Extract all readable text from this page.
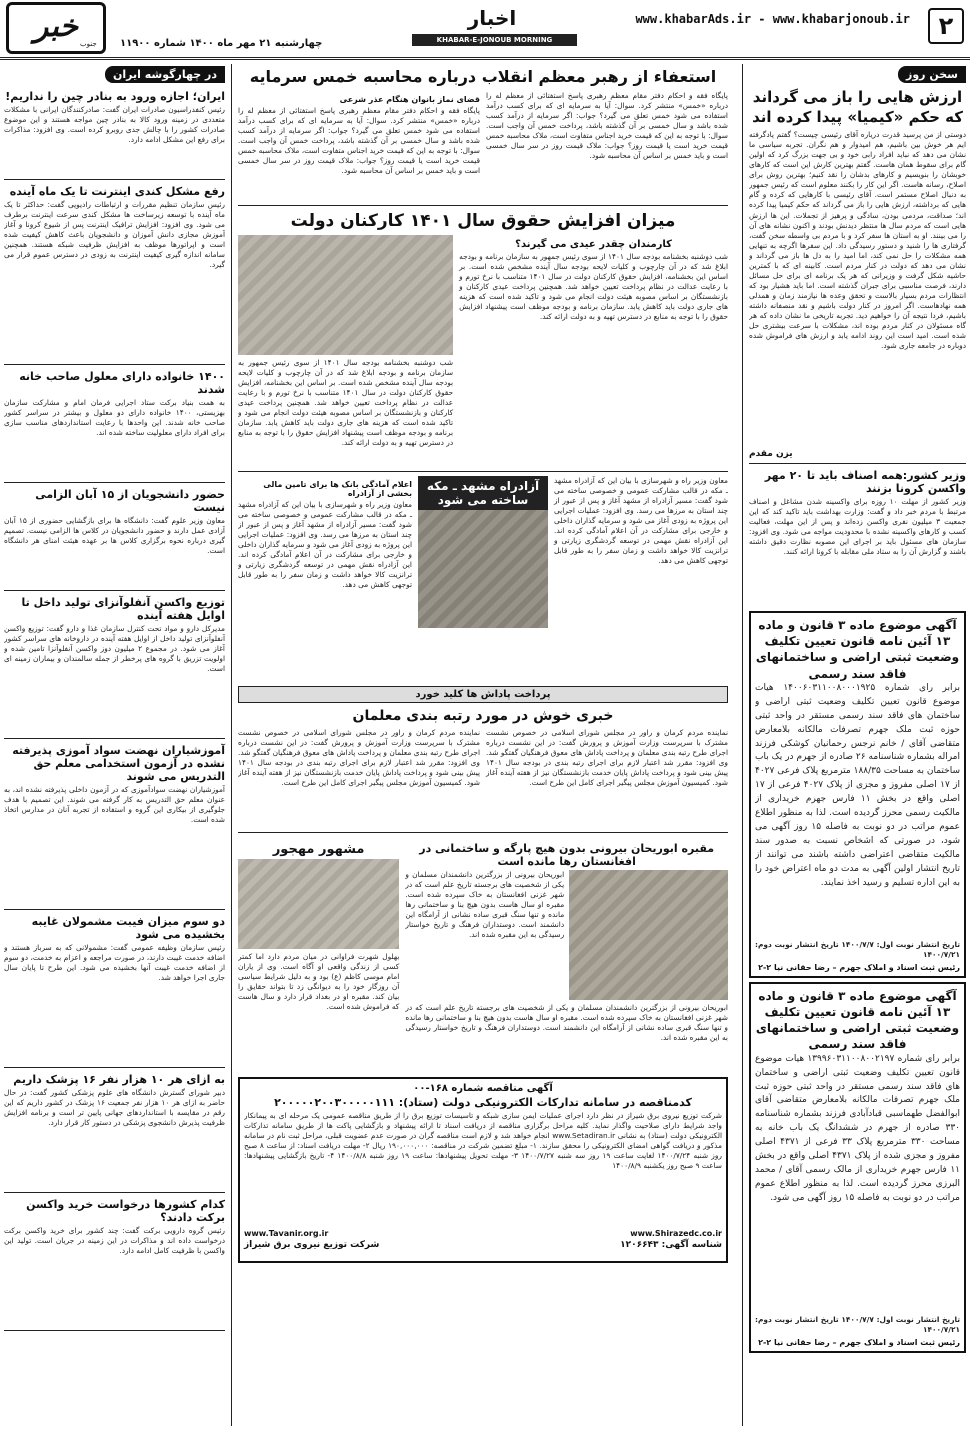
۲
www.khabarAds.ir - www.khabarjonoub.ir
اخبار
KHABAR-E-JONOUB MORNING NEWSPAPER
چهارشنبه ۲۱ مهر ماه ۱۴۰۰ شماره ۱۱۹۰۰
خبر جنوب
سخن روز
ارزش هایی را باز می گرداند که حکم «کیمیا» پیدا کرده اند
دوستی از من پرسید قدرت دریاره آقای رئیسی چیست؟ گفتم یادگرفته ایم هر خوش بین باشیم، هم امیدوار و هم نگران. تجربه سیاسی ما نشان می دهد که نباید افراد رابی خود و بی جهت بزرگ کرد که اولین گام برای سقوط همان هاست. گفتم بهترین کارش این است که کارهای خوبشان را بنویسیم و کارهای بدشان را نقد کنیم؛ بهترین روش برای اصلاح، رسانه هاست. اگر این کار را بکنند معلوم است که رئیس جمهور به دنبال اصلاح مستمر است. آقای رئیسی با کارهایی که کرده و گام هایی که برداشته، ارزش هایی را باز می گرداند که حکم کیمیا پیدا کرده اند؛ صداقت، مردمی بودن، سادگی و پرهیز از تجملات. این ها ارزش هایی است که مردم سال ها منتظر دیدنش بودند و اکنون نشانه های آن را می بینند. او به استان ها سفر کرد و با مردم بی واسطه سخن گفت، گرفتاری ها را شنید و دستور رسیدگی داد. این سفرها اگرچه به تنهایی همه مشکلات را حل نمی کند، اما امید را به دل ها باز می گرداند و نشان می دهد که دولت در کنار مردم است. کابینه ای که با کمترین حاشیه شکل گرفت و وزیرانی که هر یک برنامه ای برای حل مسائل دارند، فرصت مناسبی برای جبران گذشته است. اما باید هشیار بود که انتظارات مردم بسیار بالاست و تحقق وعده ها نیازمند زمان و همدلی همه نهادهاست. اگر امروز در کنار دولت باشیم و نقد منصفانه داشته باشیم، فردا نتیجه آن را خواهیم دید. تجربه تاریخی ما نشان داده که هر گاه مسئولان در کنار مردم بوده اند، مشکلات با سرعت بیشتری حل شده است. امید است این روند ادامه یابد و ارزش های فراموش شده دوباره در جامعه جاری شود.
یزن مقدم
وزیر کشور:همه اصناف باید تا ۲۰ مهر واکسن کرونا بزنند
وزیر کشور از مهلت ۱۰ روزه برای واکسینه شدن مشاغل و اصناف مرتبط با مردم خبر داد و گفت: وزارت بهداشت باید تاکید کند که این جمعیت ۳ میلیون نفری واکسن زده‌اند و پس از این مهلت، فعالیت کسب و کارهای واکسینه نشده با محدودیت مواجه می شود. وی افزود: سازمان های مسئول باید بر اجرای این مصوبه نظارت دقیق داشته باشند و گزارش آن را به ستاد ملی مقابله با کرونا ارائه کنند.
آگهی موضوع ماده ۳ قانون و ماده ۱۳ آئین نامه قانون تعیین تکلیف وضعیت ثبتی اراضی و ساختمانهای فاقد سند رسمی
برابر رای شماره ۱۴۰۰۶۰۳۱۱۰۰۸۰۰۰۱۹۲۵ هیات موضوع قانون تعیین تکلیف وضعیت ثبتی اراضی و ساختمان های فاقد سند رسمی مستقر در واحد ثبتی حوزه ثبت ملک جهرم تصرفات مالکانه بلامعارض متقاضی آقای / خانم نرجس رحمانیان کوشکی فرزند امراله بشماره شناسنامه ۲۶ صادره از جهرم در یک باب ساختمان به مساحت ۱۸۸/۳۵ مترمربع پلاک فرعی ۴۰۲۷ از ۱۷ اصلی مفروز و مجزی از پلاک ۴۰۲۷ فرعی از ۱۷ اصلی واقع در بخش ۱۱ فارس جهرم خریداری از مالکیت رسمی محرز گردیده است. لذا به منظور اطلاع عموم مراتب در دو نوبت به فاصله ۱۵ روز آگهی می شود، در صورتی که اشخاص نسبت به صدور سند مالکیت متقاضی اعتراضی داشته باشند می توانند از تاریخ انتشار اولین آگهی به مدت دو ماه اعتراض خود را به این اداره تسلیم و رسید اخذ نمایند.
تاریخ انتشار نوبت اول: ۱۴۰۰/۷/۷ تاریخ انتشار نوبت دوم: ۱۴۰۰/۷/۲۱
رئیس ثبت اسناد و املاک جهرم – رضا حقانی نیا ۲-۲
آگهی موضوع ماده ۳ قانون و ماده ۱۳ آئین نامه قانون تعیین تکلیف وضعیت ثبتی اراضی و ساختمانهای فاقد سند رسمی
برابر رای شماره ۱۳۹۹۶۰۳۱۱۰۰۸۰۰۲۱۹۷ هیات موضوع قانون تعیین تکلیف وضعیت ثبتی اراضی و ساختمان های فاقد سند رسمی مستقر در واحد ثبتی حوزه ثبت ملک جهرم تصرفات مالکانه بلامعارض متقاضی آقای ابوالفضل طهماسبی قبادآبادی فرزند بشماره شناسنامه ۳۳۰ صادره از جهرم در ششدانگ یک باب خانه به مساحت ۳۳۰ مترمربع پلاک ۳۳ فرعی از ۴۳۷۱ اصلی مفروز و مجزی شده از پلاک ۴۳۷۱ اصلی واقع در بخش ۱۱ فارس جهرم خریداری از مالک رسمی آقای / محمد البرزی محرز گردیده است. لذا به منظور اطلاع عموم مراتب در دو نوبت به فاصله ۱۵ روز آگهی می شود.
تاریخ انتشار نوبت اول: ۱۴۰۰/۷/۷ تاریخ انتشار نوبت دوم: ۱۴۰۰/۷/۲۱
رئیس ثبت اسناد و املاک جهرم – رضا حقانی نیا ۲-۲
استعفاء از رهبر معظم انقلاب درباره محاسبه خمس سرمایه
پایگاه فقه و احکام دفتر مقام معظم رهبری پاسخ استفتائی از معظم له را درباره «خمس» منتشر کرد. سوال: آیا به سرمایه ای که برای کسب درآمد استفاده می شود خمس تعلق می گیرد؟ جواب: اگر سرمایه از درآمد کسب شده باشد و سال خمسی بر آن گذشته باشد، پرداخت خمس آن واجب است. سوال: با توجه به این که قیمت خرید اجناس متفاوت است، ملاک محاسبه خمس قیمت خرید است یا قیمت روز؟ جواب: ملاک قیمت روز در سر سال خمسی است و باید خمس بر اساس آن محاسبه شود.
قضای نماز بانوان هنگام عذر شرعی
پایگاه فقه و احکام دفتر مقام معظم رهبری پاسخ استفتائی از معظم له را درباره «خمس» منتشر کرد. سوال: آیا به سرمایه ای که برای کسب درآمد استفاده می شود خمس تعلق می گیرد؟ جواب: اگر سرمایه از درآمد کسب شده باشد و سال خمسی بر آن گذشته باشد، پرداخت خمس آن واجب است. سوال: با توجه به این که قیمت خرید اجناس متفاوت است، ملاک محاسبه خمس قیمت خرید است یا قیمت روز؟ جواب: ملاک قیمت روز در سر سال خمسی است و باید خمس بر اساس آن محاسبه شود.
میزان افزایش حقوق سال ۱۴۰۱ کارکنان دولت
کارمندان چقدر عیدی می گیرند؟
شب دوشنبه بخشنامه بودجه سال ۱۴۰۱ از سوی رئیس جمهور به سازمان برنامه و بودجه ابلاغ شد که در آن چارچوب و کلیات لایحه بودجه سال آینده مشخص شده است. بر اساس این بخشنامه، افزایش حقوق کارکنان دولت در سال ۱۴۰۱ متناسب با نرخ تورم و با رعایت عدالت در نظام پرداخت تعیین خواهد شد. همچنین پرداخت عیدی کارکنان و بازنشستگان بر اساس مصوبه هیئت دولت انجام می شود و تاکید شده است که هزینه های جاری دولت باید کاهش یابد. سازمان برنامه و بودجه موظف است پیشنهاد افزایش حقوق را با توجه به منابع در دسترس تهیه و به دولت ارائه کند.
شب دوشنبه بخشنامه بودجه سال ۱۴۰۱ از سوی رئیس جمهور به سازمان برنامه و بودجه ابلاغ شد که در آن چارچوب و کلیات لایحه بودجه سال آینده مشخص شده است. بر اساس این بخشنامه، افزایش حقوق کارکنان دولت در سال ۱۴۰۱ متناسب با نرخ تورم و با رعایت عدالت در نظام پرداخت تعیین خواهد شد. همچنین پرداخت عیدی کارکنان و بازنشستگان بر اساس مصوبه هیئت دولت انجام می شود و تاکید شده است که هزینه های جاری دولت باید کاهش یابد. سازمان برنامه و بودجه موظف است پیشنهاد افزایش حقوق را با توجه به منابع در دسترس تهیه و به دولت ارائه کند.
معاون وزیر راه و شهرسازی با بیان این که آزادراه مشهد ـ مکه در قالب مشارکت عمومی و خصوصی ساخته می شود گفت: مسیر آزادراه از مشهد آغاز و پس از عبور از چند استان به مرزها می رسد. وی افزود: عملیات اجرایی این پروژه به زودی آغاز می شود و سرمایه گذاران داخلی و خارجی برای مشارکت در آن اعلام آمادگی کرده اند. این آزادراه نقش مهمی در توسعه گردشگری زیارتی و ترانزیت کالا خواهد داشت و زمان سفر را به طور قابل توجهی کاهش می دهد.
آزادراه مشهد ـ مکه ساخته می شود
اعلام آمادگی بانک ها برای تامین مالی بخشی از آزادراه
معاون وزیر راه و شهرسازی با بیان این که آزادراه مشهد ـ مکه در قالب مشارکت عمومی و خصوصی ساخته می شود گفت: مسیر آزادراه از مشهد آغاز و پس از عبور از چند استان به مرزها می رسد. وی افزود: عملیات اجرایی این پروژه به زودی آغاز می شود و سرمایه گذاران داخلی و خارجی برای مشارکت در آن اعلام آمادگی کرده اند. این آزادراه نقش مهمی در توسعه گردشگری زیارتی و ترانزیت کالا خواهد داشت و زمان سفر را به طور قابل توجهی کاهش می دهد.
پرداخت پاداش ها کلید خورد
خبری خوش در مورد رتبه بندی معلمان
نماینده مردم کرمان و راور در مجلس شورای اسلامی در خصوص نشست مشترک با سرپرست وزارت آموزش و پرورش گفت: در این نشست درباره اجرای طرح رتبه بندی معلمان و پرداخت پاداش های معوق فرهنگیان گفتگو شد. وی افزود: مقرر شد اعتبار لازم برای اجرای رتبه بندی در بودجه سال ۱۴۰۱ پیش بینی شود و پرداخت پاداش پایان خدمت بازنشستگان نیز از هفته آینده آغاز شود. کمیسیون آموزش مجلس پیگیر اجرای کامل این طرح است.
نماینده مردم کرمان و راور در مجلس شورای اسلامی در خصوص نشست مشترک با سرپرست وزارت آموزش و پرورش گفت: در این نشست درباره اجرای طرح رتبه بندی معلمان و پرداخت پاداش های معوق فرهنگیان گفتگو شد. وی افزود: مقرر شد اعتبار لازم برای اجرای رتبه بندی در بودجه سال ۱۴۰۱ پیش بینی شود و پرداخت پاداش پایان خدمت بازنشستگان نیز از هفته آینده آغاز شود. کمیسیون آموزش مجلس پیگیر اجرای کامل این طرح است.
مقبره ابوریحان بیرونی بدون هیچ پارگه و ساختمانی در افغانستان رها مانده است
ابوریحان بیرونی از بزرگترین دانشمندان مسلمان و یکی از شخصیت های برجسته تاریخ علم است که در شهر غزنی افغانستان به خاک سپرده شده است. مقبره او سال هاست بدون هیچ بنا و ساختمانی رها مانده و تنها سنگ قبری ساده نشانی از آرامگاه این دانشمند است. دوستداران فرهنگ و تاریخ خواستار رسیدگی به این مقبره شده اند.
ابوریحان بیرونی از بزرگترین دانشمندان مسلمان و یکی از شخصیت های برجسته تاریخ علم است که در شهر غزنی افغانستان به خاک سپرده شده است. مقبره او سال هاست بدون هیچ بنا و ساختمانی رها مانده و تنها سنگ قبری ساده نشانی از آرامگاه این دانشمند است. دوستداران فرهنگ و تاریخ خواستار رسیدگی به این مقبره شده اند.
مشهور مهجور
بهلول شهرت فراوانی در میان مردم دارد اما کمتر کسی از زندگی واقعی او آگاه است. وی از یاران امام موسی کاظم (ع) بود و به دلیل شرایط سیاسی آن روزگار خود را به دیوانگی زد تا بتواند حقایق را بیان کند. مقبره او در بغداد قرار دارد و سال هاست که فراموش شده است.
آگهی مناقصه شماره ۱۶۸-۰۰
کدمناقصه در سامانه تدارکات الکترونیکی دولت (ستاد): ۲۰۰۰۰۰۲۰۰۳۰۰۰۰۰۱۱۱
شرکت توزیع نیروی برق شیراز در نظر دارد اجرای عملیات ایمن سازی شبکه و تاسیسات توزیع برق را از طریق مناقصه عمومی یک مرحله ای به پیمانکار واجد شرایط دارای صلاحیت واگذار نماید. کلیه مراحل برگزاری مناقصه از دریافت اسناد تا ارائه پیشنهاد و بازگشایی پاکت ها از طریق سامانه تدارکات الکترونیکی دولت (ستاد) به نشانی www.Setadiran.ir انجام خواهد شد و لازم است مناقصه گران در صورت عدم عضویت قبلی، مراحل ثبت نام در سامانه مذکور و دریافت گواهی امضای الکترونیکی را محقق سازند. ۱- مبلغ تضمین شرکت در مناقصه: ۱۹۰,۰۰۰,۰۰۰ ریال ۲- مهلت دریافت اسناد: از ساعت ۸ صبح روز شنبه ۱۴۰۰/۷/۲۴ لغایت ساعت ۱۹ روز سه شنبه ۱۴۰۰/۷/۲۷ ۳- مهلت تحویل پیشنهادها: ساعت ۱۹ روز شنبه ۱۴۰۰/۸/۸ ۴- تاریخ بازگشایی پیشنهادها: ساعت ۹ صبح روز یکشنبه ۱۴۰۰/۸/۹
www.Shirazedc.co.ir
www.Tavanir.org.ir
شناسه آگهی: ۱۲۰۶۶۴۳
شرکت توزیع نیروی برق شیراز
در چهارگوشه ایران
ایران؛ اجازه ورود به بنادر چین را نداریم!
رئیس کنفدراسیون صادرات ایران گفت: صادرکنندگان ایرانی با مشکلات متعددی در زمینه ورود کالا به بنادر چین مواجه هستند و این موضوع صادرات کشور را با چالش جدی روبرو کرده است. وی افزود: مذاکرات برای رفع این مشکل ادامه دارد.
رفع مشکل کندی اینترنت تا یک ماه آینده
رئیس سازمان تنظیم مقررات و ارتباطات رادیویی گفت: حداکثر تا یک ماه آینده با توسعه زیرساخت ها مشکل کندی سرعت اینترنت برطرف می شود. وی افزود: افزایش ترافیک اینترنت پس از شیوع کرونا و آغاز آموزش مجازی دانش آموزان و دانشجویان باعث کاهش کیفیت شده است و اپراتورها موظف به افزایش ظرفیت شبکه هستند. همچنین سامانه اندازه گیری کیفیت اینترنت به زودی در دسترس عموم قرار می گیرد.
۱۴۰۰ خانواده دارای معلول صاحب خانه شدند
به همت بنیاد برکت ستاد اجرایی فرمان امام و مشارکت سازمان بهزیستی، ۱۴۰۰ خانواده دارای دو معلول و بیشتر در سراسر کشور صاحب خانه شدند. این واحدها با رعایت استانداردهای مناسب سازی برای افراد دارای معلولیت ساخته شده اند.
حضور دانشجویان از ۱۵ آبان الزامی نیست
معاون وزیر علوم گفت: دانشگاه ها برای بازگشایی حضوری از ۱۵ آبان آزادی عمل دارند و حضور دانشجویان در کلاس ها الزامی نیست. تصمیم گیری درباره نحوه برگزاری کلاس ها بر عهده هیئت امنای هر دانشگاه است.
توزیع واکسن آنفلوآنزای تولید داخل تا اوایل هفته آینده
مدیرکل دارو و مواد تحت کنترل سازمان غذا و دارو گفت: توزیع واکسن آنفلوآنزای تولید داخل از اوایل هفته آینده در داروخانه های سراسر کشور آغاز می شود. در مجموع ۲ میلیون دوز واکسن آنفلوآنزا تامین شده و اولویت تزریق با گروه های پرخطر از جمله سالمندان و بیماران زمینه ای است.
آموزشیاران نهضت سواد آموزی پذیرفته نشده در آزمون استخدامی معلم حق التدریس می شوند
آموزشیاران نهضت سوادآموزی که در آزمون داخلی پذیرفته نشده اند، به عنوان معلم حق التدریس به کار گرفته می شوند. این تصمیم با هدف جلوگیری از بیکاری این گروه و استفاده از تجربه آنان در مدارس اتخاذ شده است.
دو سوم میزان فیبت مشمولان غایبه بخشیده می شود
رئیس سازمان وظیفه عمومی گفت: مشمولانی که به سرباز هستند و اضافه خدمت غیبت دارند، در صورت مراجعه و اعزام به خدمت، دو سوم از اضافه خدمت غیبت آنها بخشیده می شود. این طرح تا پایان سال جاری اجرا خواهد شد.
به ازای هر ۱۰ هزار نفر ۱۶ پزشک داریم
دبیر شورای گسترش دانشگاه های علوم پزشکی کشور گفت: در حال حاضر به ازای هر ۱۰ هزار نفر جمعیت ۱۶ پزشک در کشور داریم که این رقم در مقایسه با استانداردهای جهانی پایین تر است و برنامه افزایش ظرفیت پذیرش دانشجوی پزشکی در دستور کار قرار دارد.
کدام کشورها درخواست خرید واکسن برکت دادند؟
رئیس گروه دارویی برکت گفت: چند کشور برای خرید واکسن برکت درخواست داده اند و مذاکرات در این زمینه در جریان است. تولید این واکسن با ظرفیت کامل ادامه دارد.
